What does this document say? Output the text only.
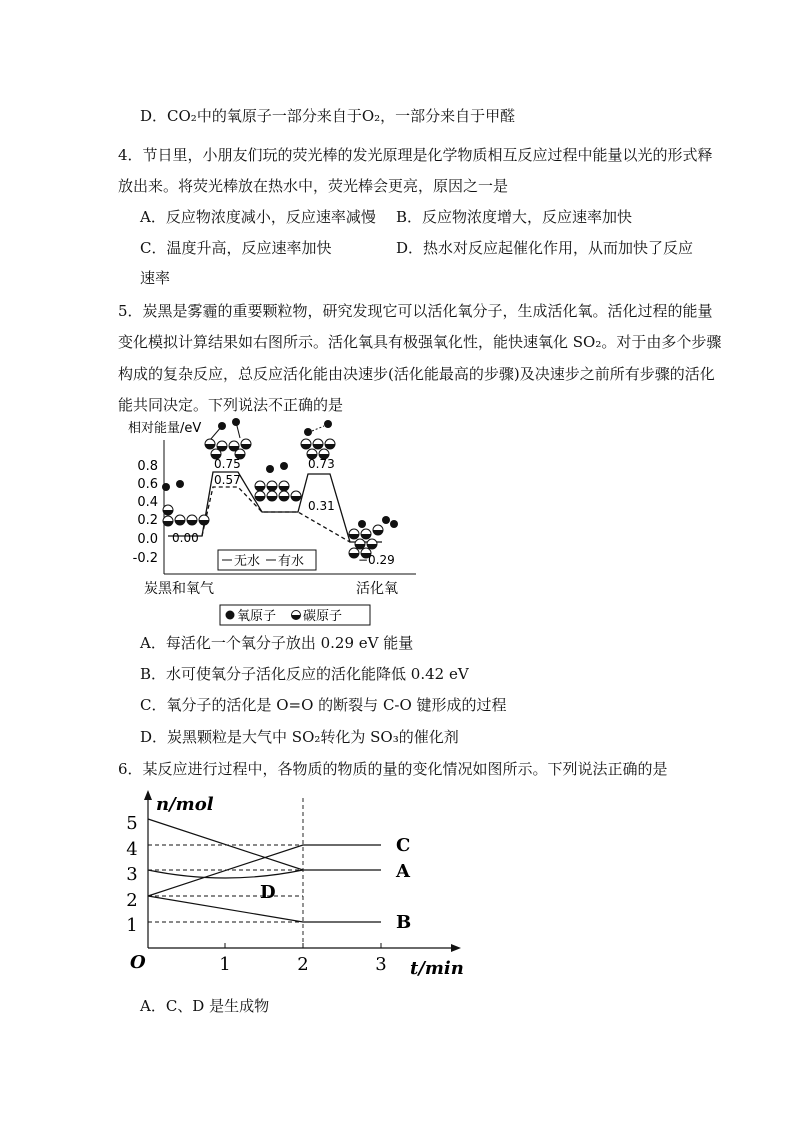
D．CO₂中的氧原子一部分来自于O₂，一部分来自于甲醛
4．节日里，小朋友们玩的荧光棒的发光原理是化学物质相互反应过程中能量以光的形式释
放出来。将荧光棒放在热水中，荧光棒会更亮，原因之一是
A．反应物浓度减小，反应速率减慢 B．反应物浓度增大，反应速率加快
C．温度升高，反应速率加快	D．热水对反应起催化作用，从而加快了反应
速率
5．炭黑是雾霾的重要颗粒物，研究发现它可以活化氧分子，生成活化氧。活化过程的能量
变化模拟计算结果如右图所示。活化氧具有极强氧化性，能快速氧化 SO₂。对于由多个步骤
构成的复杂反应，总反应活化能由决速步(活化能最高的步骤)及决速步之前所有步骤的活化
能共同决定。下列说法不正确的是
相对能量/eV
0.8
0.6
0.4
0.2
0.0
-0.2
0.00
0.75
0.57
0.73
0.31
−0.29
无水 有水
炭黑和氧气	活化氧
氧原子 碳原子
A．每活化一个氧分子放出 0.29 eV 能量
B．水可使氧分子活化反应的活化能降低 0.42 eV
C．氧分子的活化是 O=O 的断裂与 C-O 键形成的过程
D．炭黑颗粒是大气中 SO₂转化为 SO₃的催化剂
6．某反应进行过程中，各物质的物质的量的变化情况如图所示。下列说法正确的是
n/mol
t/min
O
1
2
3
4
5
1	2	3
C
A
B
D
A．C、D 是生成物
